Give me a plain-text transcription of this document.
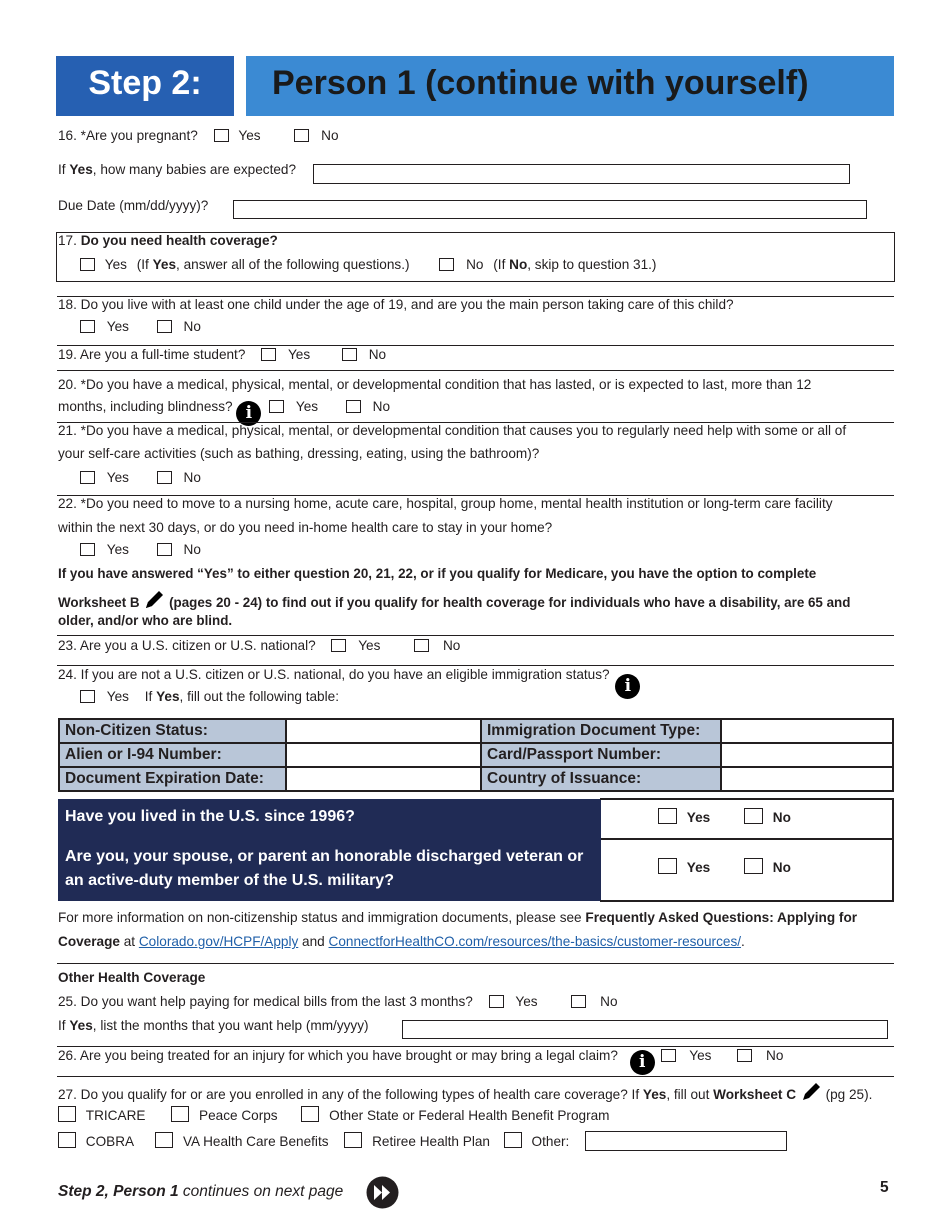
Step 2:	Person 1 (continue with yourself)
16. *Are you pregnant?	Yes	No
If Yes, how many babies are expected?
Due Date (mm/dd/yyyy)?
17. Do you need health coverage?
Yes (If Yes, answer all of the following questions.)	No (If No, skip to question 31.)
18. Do you live with at least one child under the age of 19, and are you the main person taking care of this child?
Yes	No
19. Are you a full-time student?	Yes	No
20. *Do you have a medical, physical, mental, or developmental condition that has lasted, or is expected to last, more than 12
months, including blindness? i	Yes	No
21. *Do you have a medical, physical, mental, or developmental condition that causes you to regularly need help with some or all of
your self-care activities (such as bathing, dressing, eating, using the bathroom)?
Yes	No
22. *Do you need to move to a nursing home, acute care, hospital, group home, mental health institution or long-term care facility
within the next 30 days, or do you need in-home health care to stay in your home?
Yes	No
If you have answered “Yes” to either question 20, 21, 22, or if you qualify for Medicare, you have the option to complete
Worksheet B (pages 20 - 24) to find out if you qualify for health coverage for individuals who have a disability, are 65 and
older, and/or who are blind.
23. Are you a U.S. citizen or U.S. national?	Yes	No
24. If you are not a U.S. citizen or U.S. national, do you have an eligible immigration status? i
Yes If Yes, fill out the following table:
Non-Citizen Status:		Immigration Document Type:	
Alien or I-94 Number:		Card/Passport Number:	
Document Expiration Date:		Country of Issuance:	
Have you lived in the U.S. since 1996?	Yes	No
Are you, your spouse, or parent an honorable discharged veteran or
an active-duty member of the U.S. military?
Yes	No
For more information on non-citizenship status and immigration documents, please see Frequently Asked Questions: Applying for
Coverage at Colorado.gov/HCPF/Apply and ConnectforHealthCO.com/resources/the-basics/customer-resources/.
Other Health Coverage
25. Do you want help paying for medical bills from the last 3 months?	Yes	No
If Yes, list the months that you want help (mm/yyyy)
26. Are you being treated for an injury for which you have brought or may bring a legal claim? i	Yes	No
27. Do you qualify for or are you enrolled in any of the following types of health care coverage? If Yes, fill out Worksheet C (pg 25).
TRICARE	Peace Corps	Other State or Federal Health Benefit Program
COBRA	VA Health Care Benefits	Retiree Health Plan	Other:
Step 2, Person 1 continues on next page	5
